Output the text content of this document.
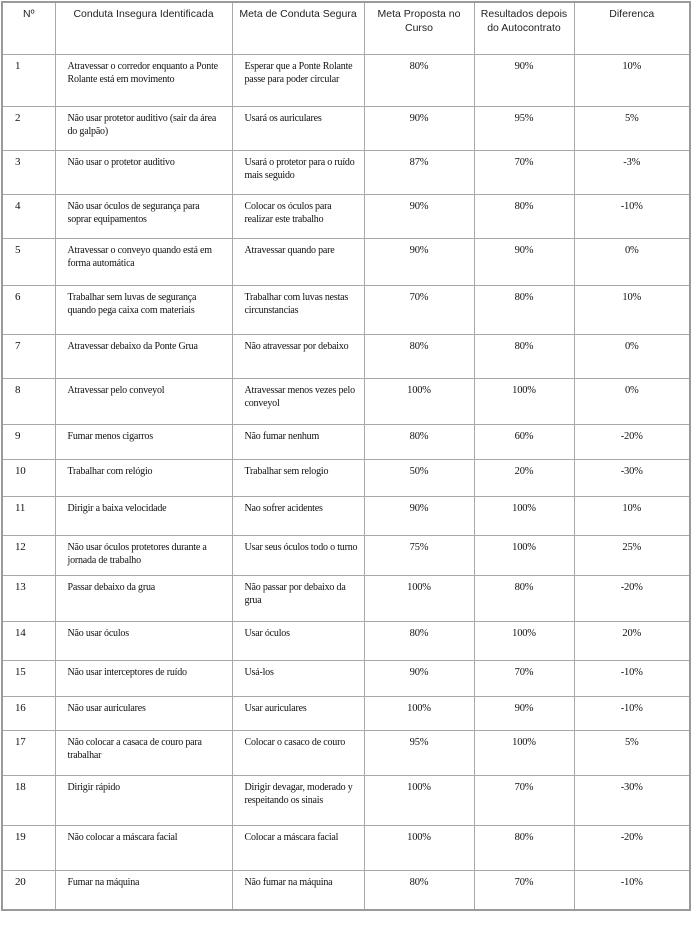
Nº	Conduta Insegura Identificada	Meta de Conduta Segura	Meta Proposta no Curso	Resultados depois do Autocontrato	Diferenca
1	Atravessar o corredor enquanto a Ponte Rolante está em movimento	Esperar que a Ponte Rolante passe para poder circular	80%	90%	10%
2	Não usar protetor auditivo (sair da área do galpão)	Usará os auriculares	90%	95%	5%
3	Não usar o protetor auditivo	Usará o protetor para o ruído mais seguido	87%	70%	-3%
4	Não usar óculos de segurança para soprar equipamentos	Colocar os óculos para realizar este trabalho	90%	80%	-10%
5	Atravessar o conveyo quando está em forma automática	Atravessar quando pare	90%	90%	0%
6	Trabalhar sem luvas de segurança quando pega caixa com materiais	Trabalhar com luvas nestas circunstancias	70%	80%	10%
7	Atravessar debaixo da Ponte Grua	Não atravessar por debaixo	80%	80%	0%
8	Atravessar pelo conveyol	Atravessar menos vezes pelo conveyol	100%	100%	0%
9	Fumar menos cigarros	Não fumar nenhum	80%	60%	-20%
10	Trabalhar com relógio	Trabalhar sem relogio	50%	20%	-30%
11	Dirigir a baixa velocidade	Nao sofrer acidentes	90%	100%	10%
12	Não usar óculos protetores durante a jornada de trabalho	Usar seus óculos todo o turno	75%	100%	25%
13	Passar debaixo da grua	Não passar por debaixo da grua	100%	80%	-20%
14	Não usar óculos	Usar óculos	80%	100%	20%
15	Não usar interceptores de ruído	Usá-los	90%	70%	-10%
16	Não usar auriculares	Usar auriculares	100%	90%	-10%
17	Não colocar a casaca de couro para trabalhar	Colocar o casaco de couro	95%	100%	5%
18	Dirigir rápido	Dirigir devagar, moderado y respeitando os sinais	100%	70%	-30%
19	Não colocar a máscara facial	Colocar a máscara facial	100%	80%	-20%
20	Fumar na máquina	Não fumar na máquina	80%	70%	-10%
